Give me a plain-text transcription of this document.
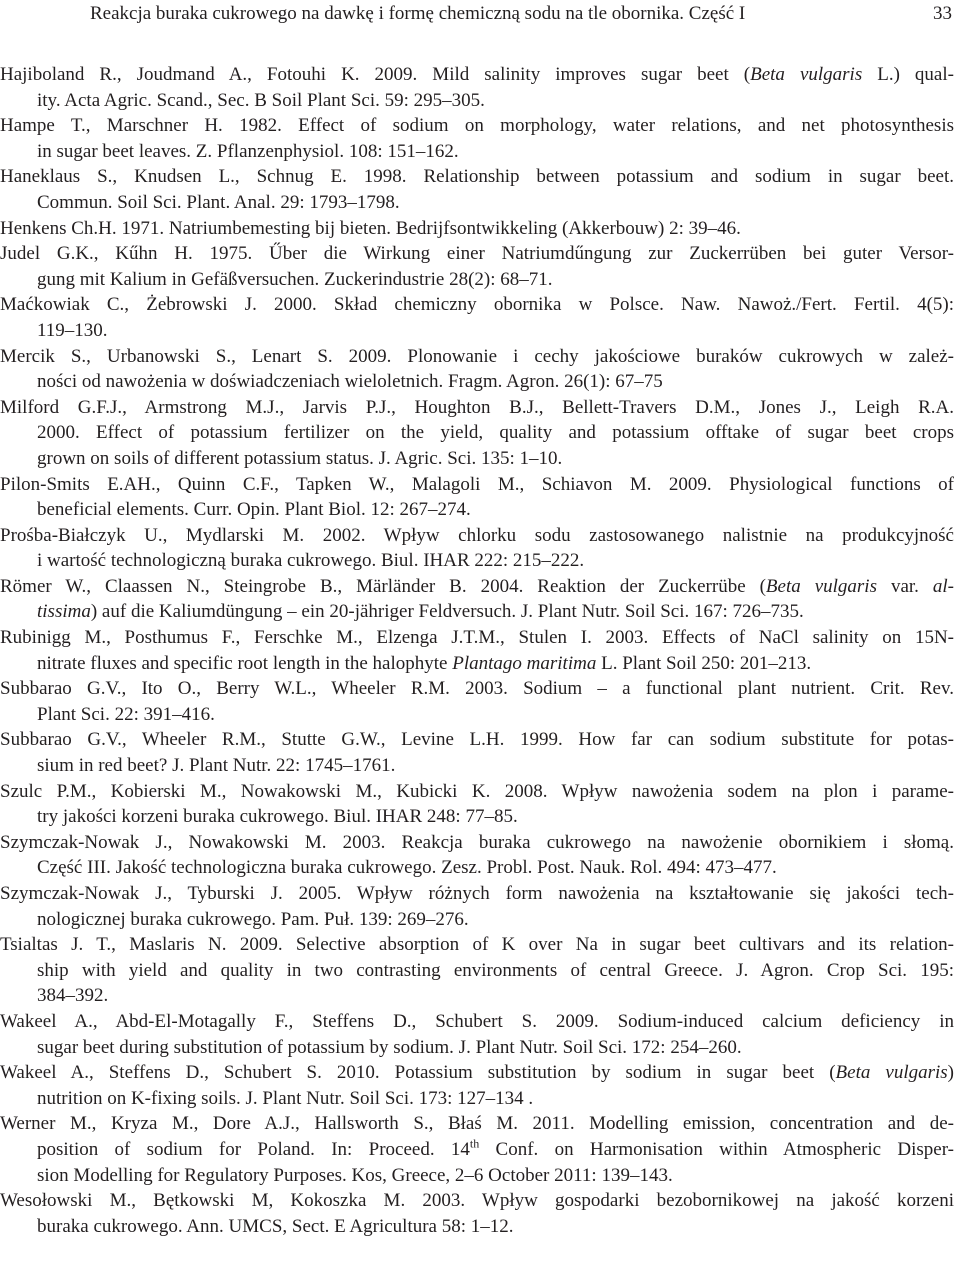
Reakcja buraka cukrowego na dawkę i formę chemiczną sodu na tle obornika. Część I	33
Hajiboland R., Joudmand A., Fotouhi K. 2009. Mild salinity improves sugar beet (Beta vulgaris L.) qual-
ity. Acta Agric. Scand., Sec. B Soil Plant Sci. 59: 295–305.
Hampe T., Marschner H. 1982. Effect of sodium on morphology, water relations, and net photosynthesis
in sugar beet leaves. Z. Pflanzenphysiol. 108: 151–162.
Haneklaus S., Knudsen L., Schnug E. 1998. Relationship between potassium and sodium in sugar beet.
Commun. Soil Sci. Plant. Anal. 29: 1793–1798.
Henkens Ch.H. 1971. Natriumbemesting bij bieten. Bedrijfsontwikkeling (Akkerbouw) 2: 39–46.
Judel G.K., Kűhn H. 1975. Űber die Wirkung einer Natriumdűngung zur Zuckerrüben bei guter Versor-
gung mit Kalium in Gefäßversuchen. Zuckerindustrie 28(2): 68–71.
Maćkowiak C., Żebrowski J. 2000. Skład chemiczny obornika w Polsce. Naw. Nawoż./Fert. Fertil. 4(5):
119–130.
Mercik S., Urbanowski S., Lenart S. 2009. Plonowanie i cechy jakościowe buraków cukrowych w zależ-
ności od nawożenia w doświadczeniach wieloletnich. Fragm. Agron. 26(1): 67–75
Milford G.F.J., Armstrong M.J., Jarvis P.J., Houghton B.J., Bellett-Travers D.M., Jones J., Leigh R.A.
2000. Effect of potassium fertilizer on the yield, quality and potassium offtake of sugar beet crops
grown on soils of different potassium status. J. Agric. Sci. 135: 1–10.
Pilon-Smits E.AH., Quinn C.F., Tapken W., Malagoli M., Schiavon M. 2009. Physiological functions of
beneficial elements. Curr. Opin. Plant Biol. 12: 267–274.
Prośba-Białczyk U., Mydlarski M. 2002. Wpływ chlorku sodu zastosowanego nalistnie na produkcyjność
i wartość technologiczną buraka cukrowego. Biul. IHAR 222: 215–222.
Römer W., Claassen N., Steingrobe B., Märländer B. 2004. Reaktion der Zuckerrübe (Beta vulgaris var. al-
tissima) auf die Kaliumdüngung – ein 20-jähriger Feldversuch. J. Plant Nutr. Soil Sci. 167: 726–735.
Rubinigg M., Posthumus F., Ferschke M., Elzenga J.T.M., Stulen I. 2003. Effects of NaCl salinity on 15N-
nitrate fluxes and specific root length in the halophyte Plantago maritima L. Plant Soil 250: 201–213.
Subbarao G.V., Ito O., Berry W.L., Wheeler R.M. 2003. Sodium – a functional plant nutrient. Crit. Rev.
Plant Sci. 22: 391–416.
Subbarao G.V., Wheeler R.M., Stutte G.W., Levine L.H. 1999. How far can sodium substitute for potas-
sium in red beet? J. Plant Nutr. 22: 1745–1761.
Szulc P.M., Kobierski M., Nowakowski M., Kubicki K. 2008. Wpływ nawożenia sodem na plon i parame-
try jakości korzeni buraka cukrowego. Biul. IHAR 248: 77–85.
Szymczak-Nowak J., Nowakowski M. 2003. Reakcja buraka cukrowego na nawożenie obornikiem i słomą.
Część III. Jakość technologiczna buraka cukrowego. Zesz. Probl. Post. Nauk. Rol. 494: 473–477.
Szymczak-Nowak J., Tyburski J. 2005. Wpływ różnych form nawożenia na kształtowanie się jakości tech-
nologicznej buraka cukrowego. Pam. Puł. 139: 269–276.
Tsialtas J. T., Maslaris N. 2009. Selective absorption of K over Na in sugar beet cultivars and its relation-
ship with yield and quality in two contrasting environments of central Greece. J. Agron. Crop Sci. 195:
384–392.
Wakeel A., Abd-El-Motagally F., Steffens D., Schubert S. 2009. Sodium-induced calcium deficiency in
sugar beet during substitution of potassium by sodium. J. Plant Nutr. Soil Sci. 172: 254–260.
Wakeel A., Steffens D., Schubert S. 2010. Potassium substitution by sodium in sugar beet (Beta vulgaris)
nutrition on K-fixing soils. J. Plant Nutr. Soil Sci. 173: 127–134 .
Werner M., Kryza M., Dore A.J., Hallsworth S., Błaś M. 2011. Modelling emission, concentration and de-
position of sodium for Poland. In: Proceed. 14th Conf. on Harmonisation within Atmospheric Disper-
sion Modelling for Regulatory Purposes. Kos, Greece, 2–6 October 2011: 139–143.
Wesołowski M., Bętkowski M, Kokoszka M. 2003. Wpływ gospodarki bezobornikowej na jakość korzeni
buraka cukrowego. Ann. UMCS, Sect. E Agricultura 58: 1–12.
